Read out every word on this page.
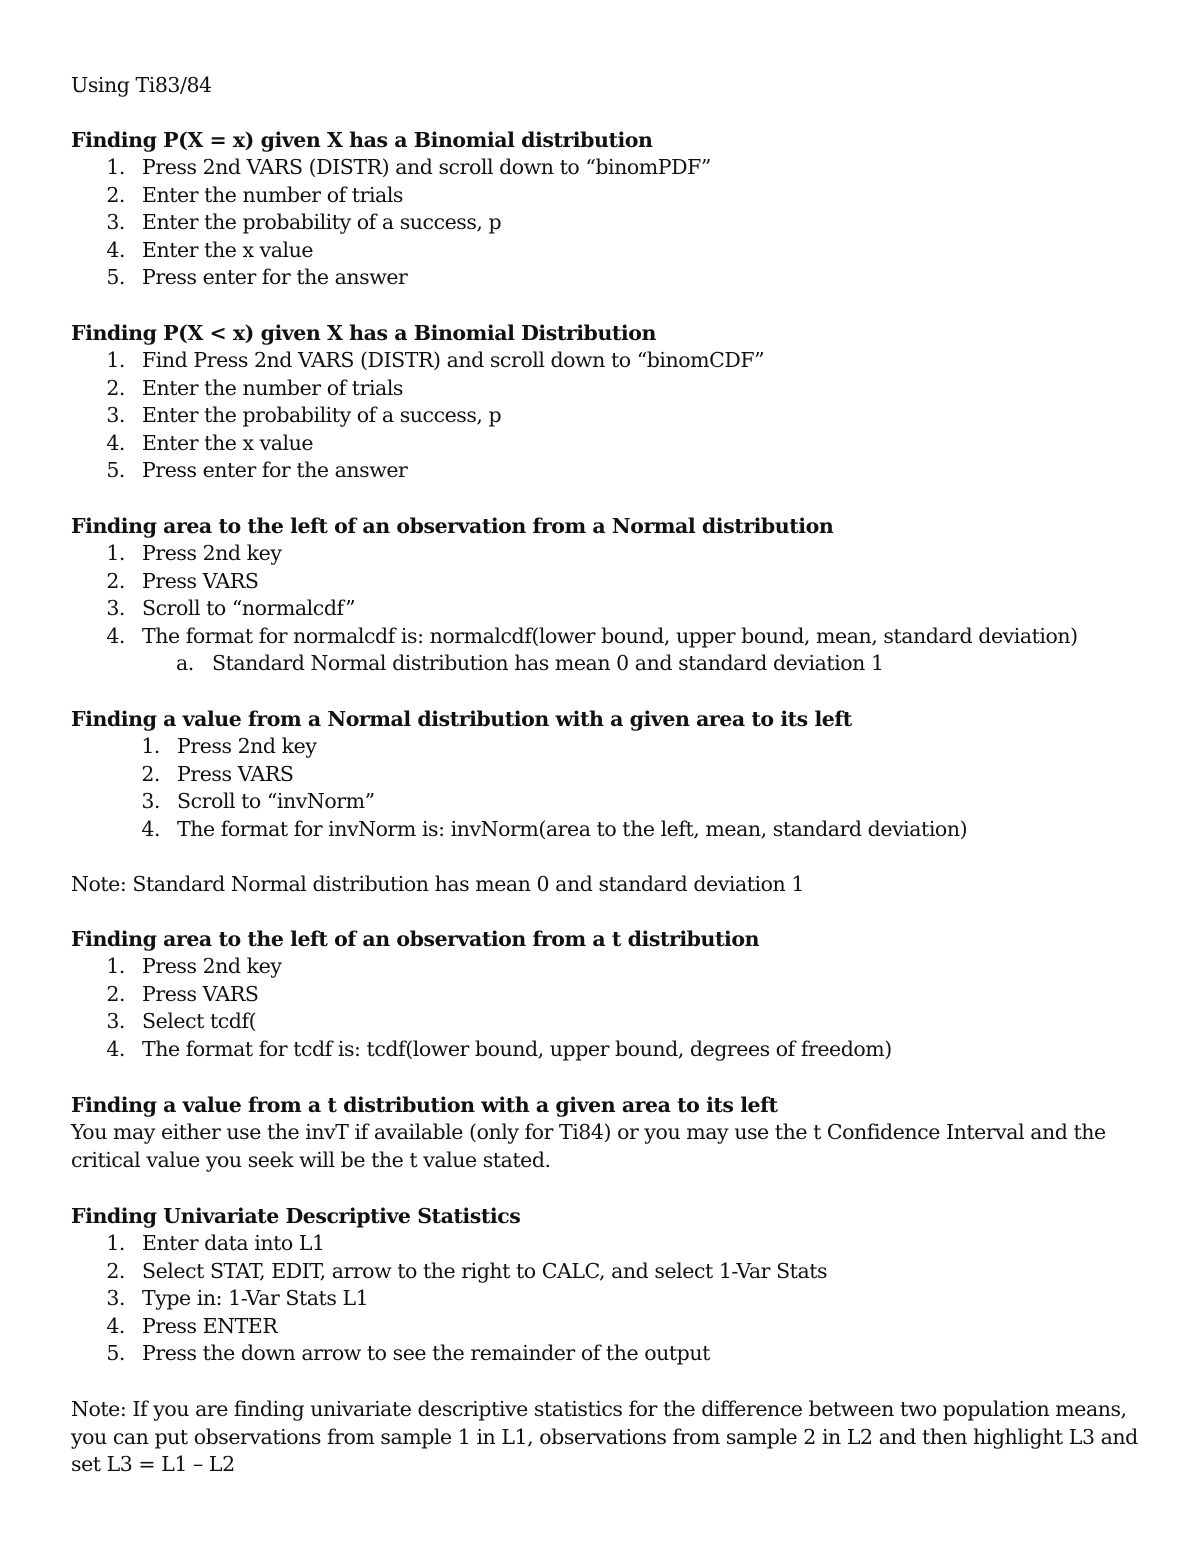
Using Ti83/84
Finding P(X = x) given X has a Binomial distribution
1. Press 2nd VARS (DISTR) and scroll down to “binomPDF”
2. Enter the number of trials
3. Enter the probability of a success, p
4. Enter the x value
5. Press enter for the answer
Finding P(X < x) given X has a Binomial Distribution
1. Find Press 2nd VARS (DISTR) and scroll down to “binomCDF”
2. Enter the number of trials
3. Enter the probability of a success, p
4. Enter the x value
5. Press enter for the answer
Finding area to the left of an observation from a Normal distribution
1. Press 2nd key
2. Press VARS
3. Scroll to “normalcdf”
4. The format for normalcdf is: normalcdf(lower bound, upper bound, mean, standard deviation)
a. Standard Normal distribution has mean 0 and standard deviation 1
Finding a value from a Normal distribution with a given area to its left
1. Press 2nd key
2. Press VARS
3. Scroll to “invNorm”
4. The format for invNorm is: invNorm(area to the left, mean, standard deviation)

Note: Standard Normal distribution has mean 0 and standard deviation 1

Finding area to the left of an observation from a t distribution
1. Press 2nd key
2. Press VARS
3. Select tcdf(
4. The format for tcdf is: tcdf(lower bound, upper bound, degrees of freedom)
Finding a value from a t distribution with a given area to its left

You may either use the invT if available (only for Ti84) or you may use the t Confidence Interval and the critical value you seek will be the t value stated.

Finding Univariate Descriptive Statistics
1. Enter data into L1
2. Select STAT, EDIT, arrow to the right to CALC, and select 1-Var Stats
3. Type in: 1-Var Stats L1
4. Press ENTER
5. Press the down arrow to see the remainder of the output

Note: If you are finding univariate descriptive statistics for the difference between two population means, you can put observations from sample 1 in L1, observations from sample 2 in L2 and then highlight L3 and set L3 = L1 – L2
